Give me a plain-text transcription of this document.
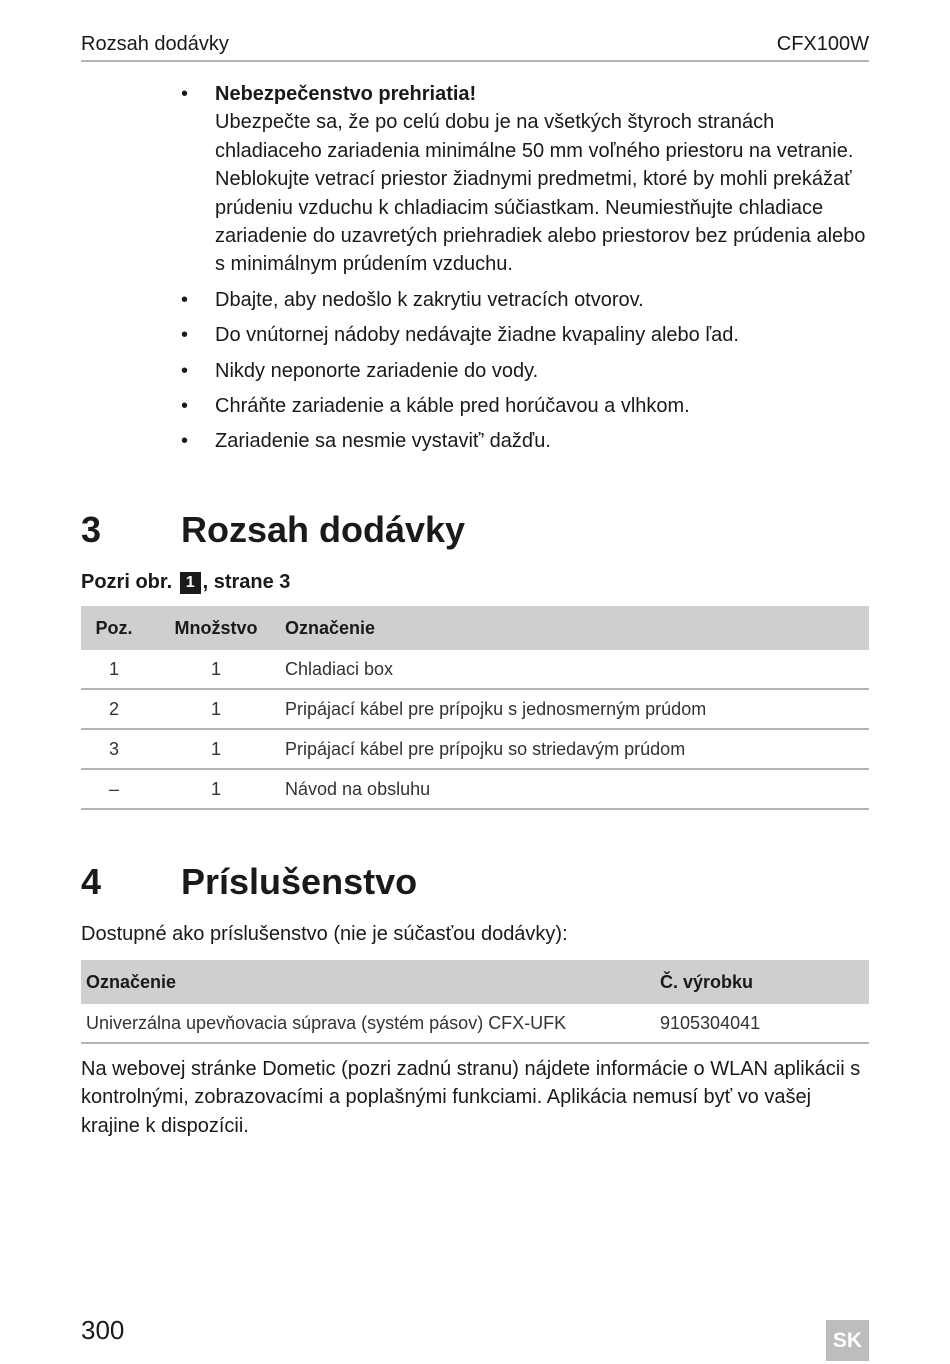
Rozsah dodávky	CFX100W
• Nebezpečenstvo prehriatia!
Ubezpečte sa, že po celú dobu je na všetkých štyroch stranách chladiaceho zariadenia minimálne 50 mm voľného priestoru na vetranie. Neblokujte vetrací priestor žiadnymi predmetmi, ktoré by mohli prekážať prúdeniu vzduchu k chladiacim súčiastkam. Neumiestňujte chladiace zariadenie do uzavretých priehradiek alebo priestorov bez prúdenia alebo s minimálnym prúdením vzduchu.
• Dbajte, aby nedošlo k zakrytiu vetracích otvorov.
• Do vnútornej nádoby nedávajte žiadne kvapaliny alebo ľad.
• Nikdy neponorte zariadenie do vody.
• Chráňte zariadenie a káble pred horúčavou a vlhkom.
• Zariadenie sa nesmie vystaviť’ dažďu.
3 Rozsah dodávky
Pozri obr. 1 , strane 3
Poz.	Množstvo	Označenie
1	1	Chladiaci box
2	1	Pripájací kábel pre prípojku s jednosmerným prúdom
3	1	Pripájací kábel pre prípojku so striedavým prúdom
–	1	Návod na obsluhu
4 Príslušenstvo
Dostupné ako príslušenstvo (nie je súčasťou dodávky):
Označenie	Č. výrobku
Univerzálna upevňovacia súprava (systém pásov) CFX-UFK	9105304041
Na webovej stránke Dometic (pozri zadnú stranu) nájdete informácie o WLAN aplikácii s kontrolnými, zobrazovacími a poplašnými funkciami. Aplikácia nemusí byť vo vašej krajine k dispozícii.
300	SK
